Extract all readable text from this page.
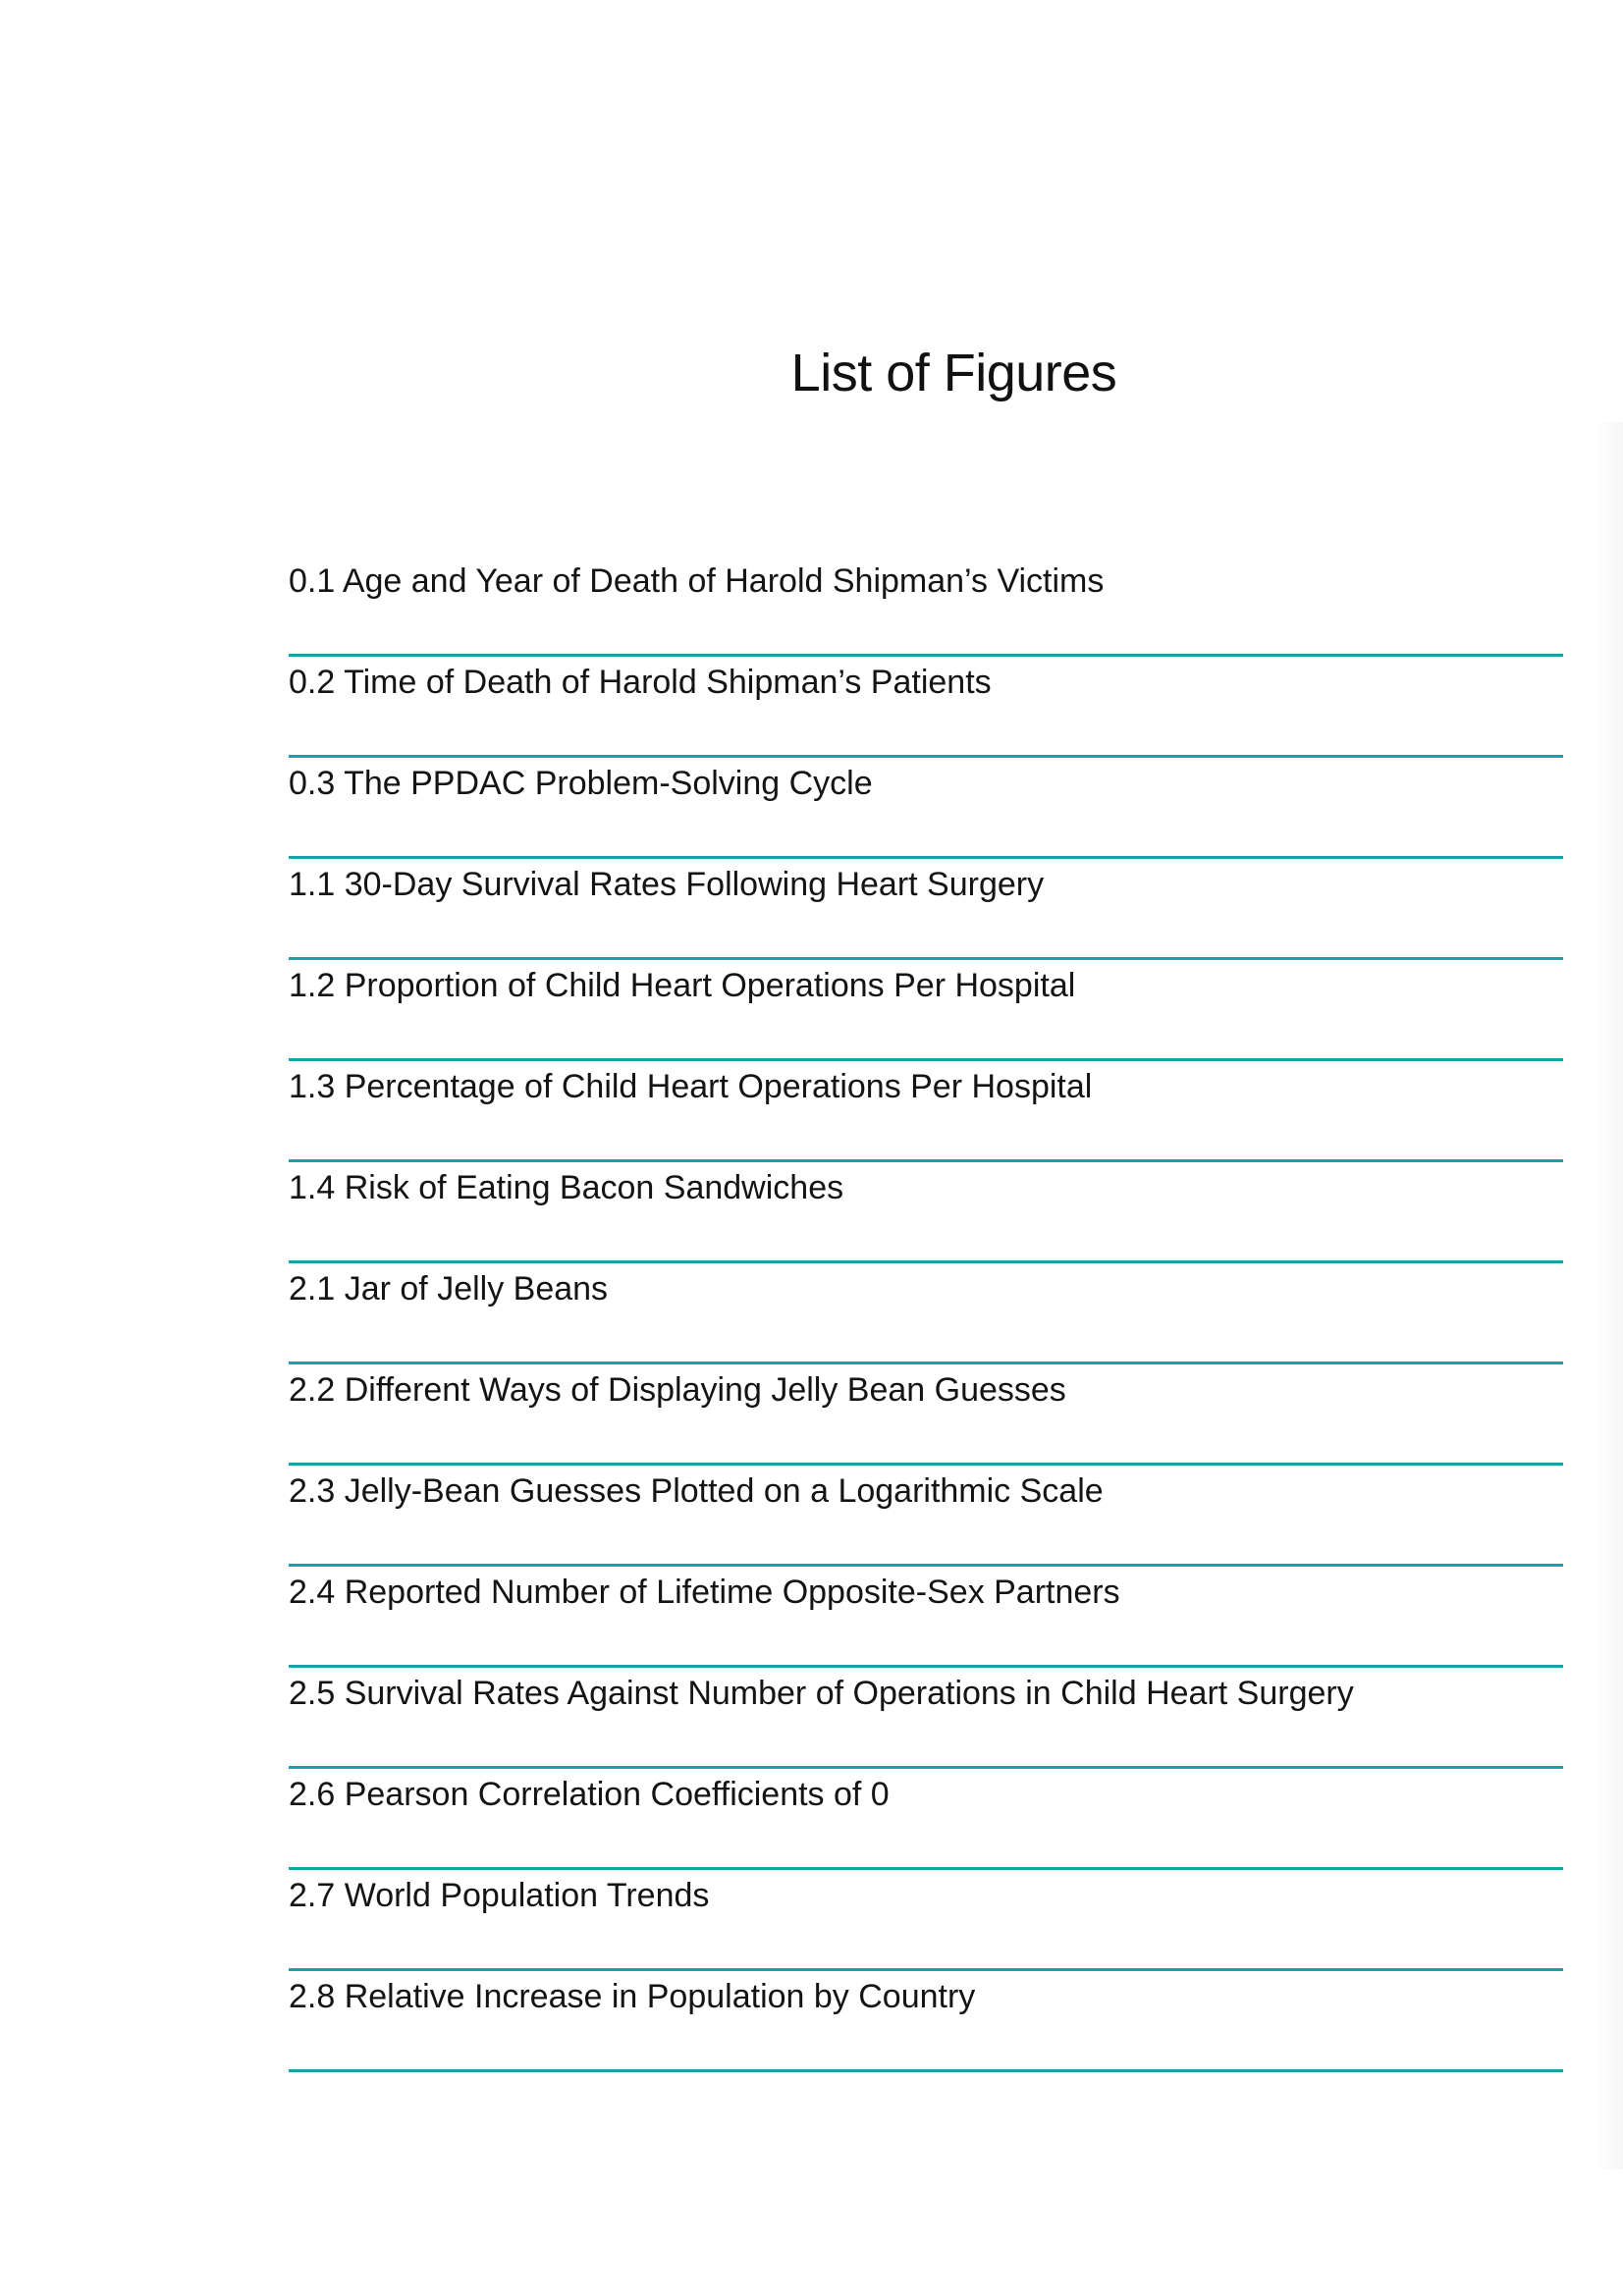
List of Figures
0.1 Age and Year of Death of Harold Shipman’s Victims
0.2 Time of Death of Harold Shipman’s Patients
0.3 The PPDAC Problem-Solving Cycle
1.1 30-Day Survival Rates Following Heart Surgery
1.2 Proportion of Child Heart Operations Per Hospital
1.3 Percentage of Child Heart Operations Per Hospital
1.4 Risk of Eating Bacon Sandwiches
2.1 Jar of Jelly Beans
2.2 Different Ways of Displaying Jelly Bean Guesses
2.3 Jelly-Bean Guesses Plotted on a Logarithmic Scale
2.4 Reported Number of Lifetime Opposite-Sex Partners
2.5 Survival Rates Against Number of Operations in Child Heart Surgery
2.6 Pearson Correlation Coefficients of 0
2.7 World Population Trends
2.8 Relative Increase in Population by Country
